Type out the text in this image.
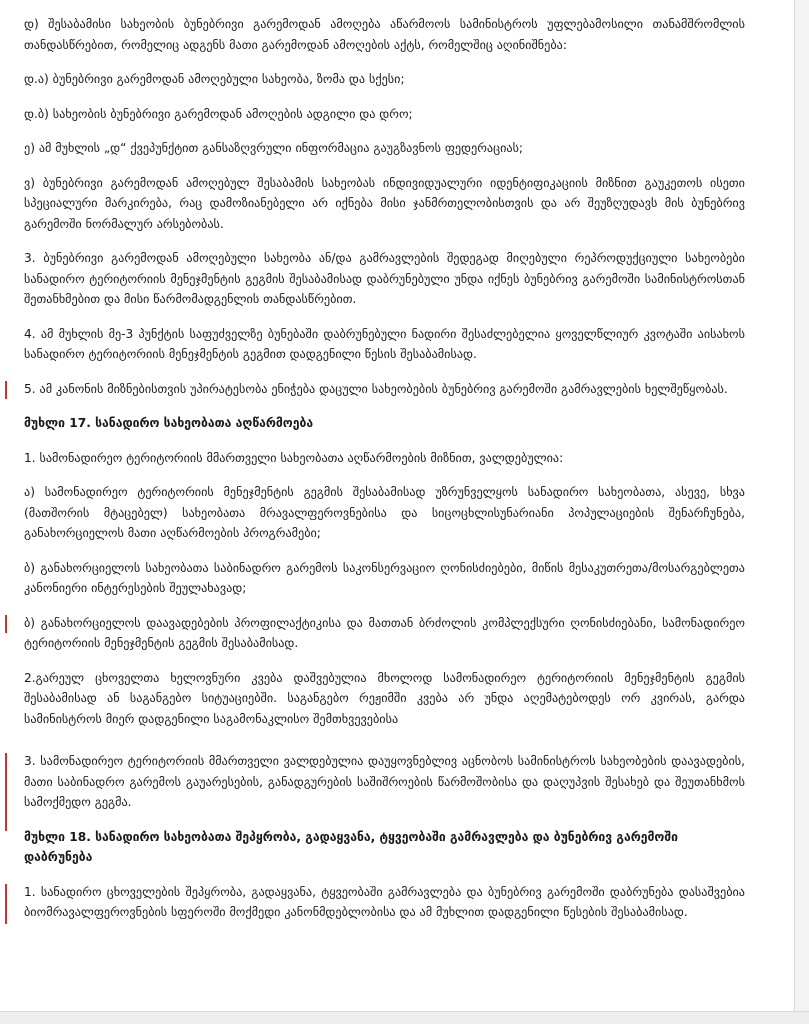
დ) შესაბამისი სახეობის ბუნებრივი გარემოდან ამოღება აწარმოოს სამინისტროს უფლებამოსილი თანამშრომლის თანდასწრებით, რომელიც ადგენს მათი გარემოდან ამოღების აქტს, რომელშიც აღინიშნება:

დ.ა) ბუნებრივი გარემოდან ამოღებული სახეობა, ზომა და სქესი;

დ.ბ) სახეობის ბუნებრივი გარემოდან ამოღების ადგილი და დრო;

ე) ამ მუხლის „დ“ ქვეპუნქტით განსაზღვრული ინფორმაცია გაუგზავნოს ფედერაციას;

ვ) ბუნებრივი გარემოდან ამოღებულ შესაბამის სახეობას ინდივიდუალური იდენტიფიკაციის მიზნით გაუკეთოს ისეთი სპეციალური მარკირება, რაც დამოზიანებელი არ იქნება მისი ჯანმრთელობისთვის და არ შეუზღუდავს მის ბუნებრივ გარემოში ნორმალურ არსებობას.

3. ბუნებრივი გარემოდან ამოღებული სახეობა ან/და გამრავლების შედეგად მიღებული რეპროდუქციული სახეობები სანადირო ტერიტორიის მენეჯმენტის გეგმის შესაბამისად დაბრუნებული უნდა იქნეს ბუნებრივ გარემოში სამინისტროსთან შეთანხმებით და მისი წარმომადგენლის თანდასწრებით.

4. ამ მუხლის მე-3 პუნქტის საფუძველზე ბუნებაში დაბრუნებული ნადირი შესაძლებელია ყოველწლიურ კვოტაში აისახოს სანადირო ტერიტორიის მენეჯმენტის გეგმით დადგენილი წესის შესაბამისად.

5. ამ კანონის მიზნებისთვის უპირატესობა ენიჭება დაცული სახეობების ბუნებრივ გარემოში გამრავლების ხელშეწყობას.

მუხლი 17. სანადირო სახეობათა აღწარმოება

1. სამონადირეო ტერიტორიის მმართველი სახეობათა აღწარმოების მიზნით, ვალდებულია:

ა) სამონადირეო ტერიტორიის მენეჯმენტის გეგმის შესაბამისად უზრუნველყოს სანადირო სახეობათა, ასევე, სხვა (მათშორის მტაცებელ) სახეობათა მრავალფეროვნებისა და სიცოცხლისუნარიანი პოპულაციების შენარჩუნება, განახორციელოს მათი აღწარმოების პროგრამები;

ბ) განახორციელოს სახეობათა საბინადრო გარემოს საკონსერვაციო ღონისძიებები, მიწის მესაკუთრეთა/მოსარგებლეთა კანონიერი ინტერესების შეულახავად;

ბ) განახორციელოს დაავადებების პროფილაქტიკისა და მათთან ბრძოლის კომპლექსური ღონისძიებანი, სამონადირეო ტერიტორიის მენეჯმენტის გეგმის შესაბამისად.

2.გარეულ ცხოველთა ხელოვნური კვება დაშვებულია მხოლოდ სამონადირეო ტერიტორიის მენეჯმენტის გეგმის შესაბამისად ან საგანგებო სიტუაციებში. საგანგებო რეჟიმში კვება არ უნდა აღემატებოდეს ორ კვირას, გარდა სამინისტროს მიერ დადგენილი საგამონაკლისო შემთხვევებისა

3. სამონადირეო ტერიტორიის მმართველი ვალდებულია დაუყოვნებლივ აცნობოს სამინისტროს სახეობების დაავადების, მათი საბინადრო გარემოს გაუარესების, განადგურების საშიშროების წარმოშობისა და დაღუპვის შესახებ და შეუთანხმოს სამოქმედო გეგმა.

მუხლი 18. სანადირო სახეობათა შეპყრობა, გადაყვანა, ტყვეობაში გამრავლება და ბუნებრივ გარემოში დაბრუნება

1. სანადირო ცხოველების შეპყრობა, გადაყვანა, ტყვეობაში გამრავლება და ბუნებრივ გარემოში დაბრუნება დასაშვებია ბიომრავალფეროვნების სფეროში მოქმედი კანონმდებლობისა და ამ მუხლით დადგენილი წესების შესაბამისად.
